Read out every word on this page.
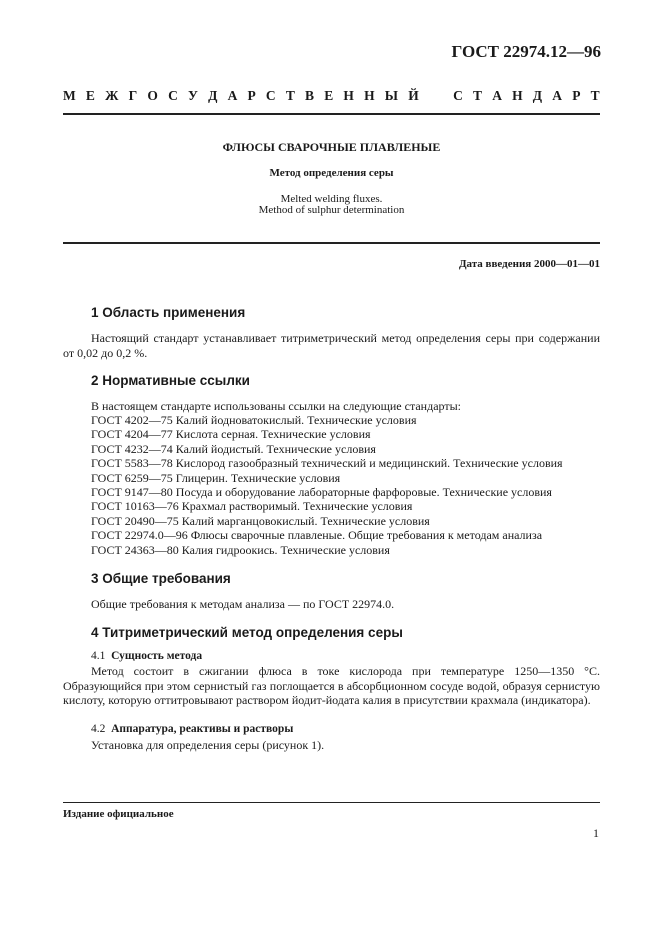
ГОСТ 22974.12—96
М Е Ж Г О С У Д А Р С Т В Е Н Н Ы Й	С Т А Н Д А Р Т
ФЛЮСЫ СВАРОЧНЫЕ ПЛАВЛЕНЫЕ
Метод определения серы
Melted welding fluxes.
Method of sulphur determination
Дата введения 2000—01—01
1 Область применения
Настоящий стандарт устанавливает титриметрический метод определения серы при содержании от 0,02 до 0,2 %.
2 Нормативные ссылки
В настоящем стандарте использованы ссылки на следующие стандарты:
ГОСТ 4202—75 Калий йодноватокислый. Технические условия
ГОСТ 4204—77 Кислота серная. Технические условия
ГОСТ 4232—74 Калий йодистый. Технические условия
ГОСТ 5583—78 Кислород газообразный технический и медицинский. Технические условия
ГОСТ 6259—75 Глицерин. Технические условия
ГОСТ 9147—80 Посуда и оборудование лабораторные фарфоровые. Технические условия
ГОСТ 10163—76 Крахмал растворимый. Технические условия
ГОСТ 20490—75 Калий марганцовокислый. Технические условия
ГОСТ 22974.0—96 Флюсы сварочные плавленые. Общие требования к методам анализа
ГОСТ 24363—80 Калия гидроокись. Технические условия
3 Общие требования
Общие требования к методам анализа — по ГОСТ 22974.0.
4 Титриметрический метод определения серы
4.1 Сущность метода
Метод состоит в сжигании флюса в токе кислорода при температуре 1250—1350 °С. Образующийся при этом сернистый газ поглощается в абсорбционном сосуде водой, образуя сернистую кислоту, которую оттитровывают раствором йодит-йодата калия в присутствии крахмала (индикатора).
4.2 Аппаратура, реактивы и растворы
Установка для определения серы (рисунок 1).
Издание официальное
1
